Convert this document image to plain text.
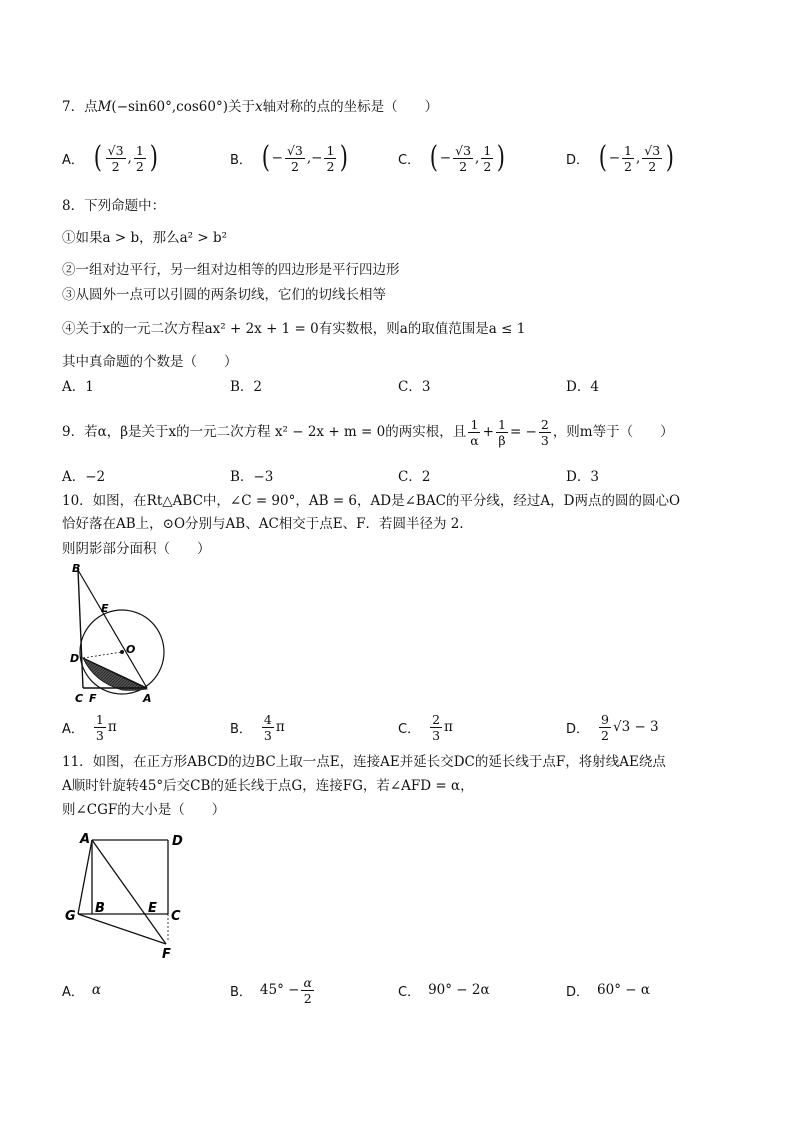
7．点M(−sin60°,cos60°)关于x轴对称的点的坐标是（　　）
A． ( $\frac{√3}{2}$ , $\frac{1}{2}$ )	B． ( − $\frac{√3}{2}$ , − $\frac{1}{2}$ )	C． ( − $\frac{√3}{2}$ , $\frac{1}{2}$ )	D． ( − $\frac{1}{2}$ , $\frac{√3}{2}$ )
8．下列命题中：
①如果a > b，那么a² > b²
②一组对边平行，另一组对边相等的四边形是平行四边形
③从圆外一点可以引圆的两条切线，它们的切线长相等
④关于x的一元二次方程ax² + 2x + 1 = 0有实数根，则a的取值范围是a ≤ 1
其中真命题的个数是（　　）
A．1	B．2	C．3	D．4
9．若α，β是关于x的一元二次方程 x² − 2x + m = 0的两实根，且 $\frac{1}{\alpha} + \frac{1}{\beta}$ = − $\frac{2}{3}$ ，则m等于（　　）
A．−2	B．−3	C．2	D．3
10．如图，在Rt△ABC中，∠C = 90°，AB = 6，AD是∠BAC的平分线，经过A，D两点的圆的圆心O
恰好落在AB上，⊙O分别与AB、AC相交于点E、F．若圆半径为 2．
则阴影部分面积（　　）
B
E
O
D
C F	A
A． $\frac{1}{3}$ π	B． $\frac{4}{3}$ π	C． $\frac{2}{3}$ π	D． $\frac{9}{2} √3 - 3$
11．如图，在正方形ABCD的边BC上取一点E，连接AE并延长交DC的延长线于点F，将射线AE绕点
A顺时针旋转45°后交CB的延长线于点G，连接FG，若∠AFD = α，
则∠CGF的大小是（　　）
A	D
G
B	E
C
F
A． α	B． $45^\circ - \frac{\alpha}{2}$	C． 90° − 2α	D． 60° − α
